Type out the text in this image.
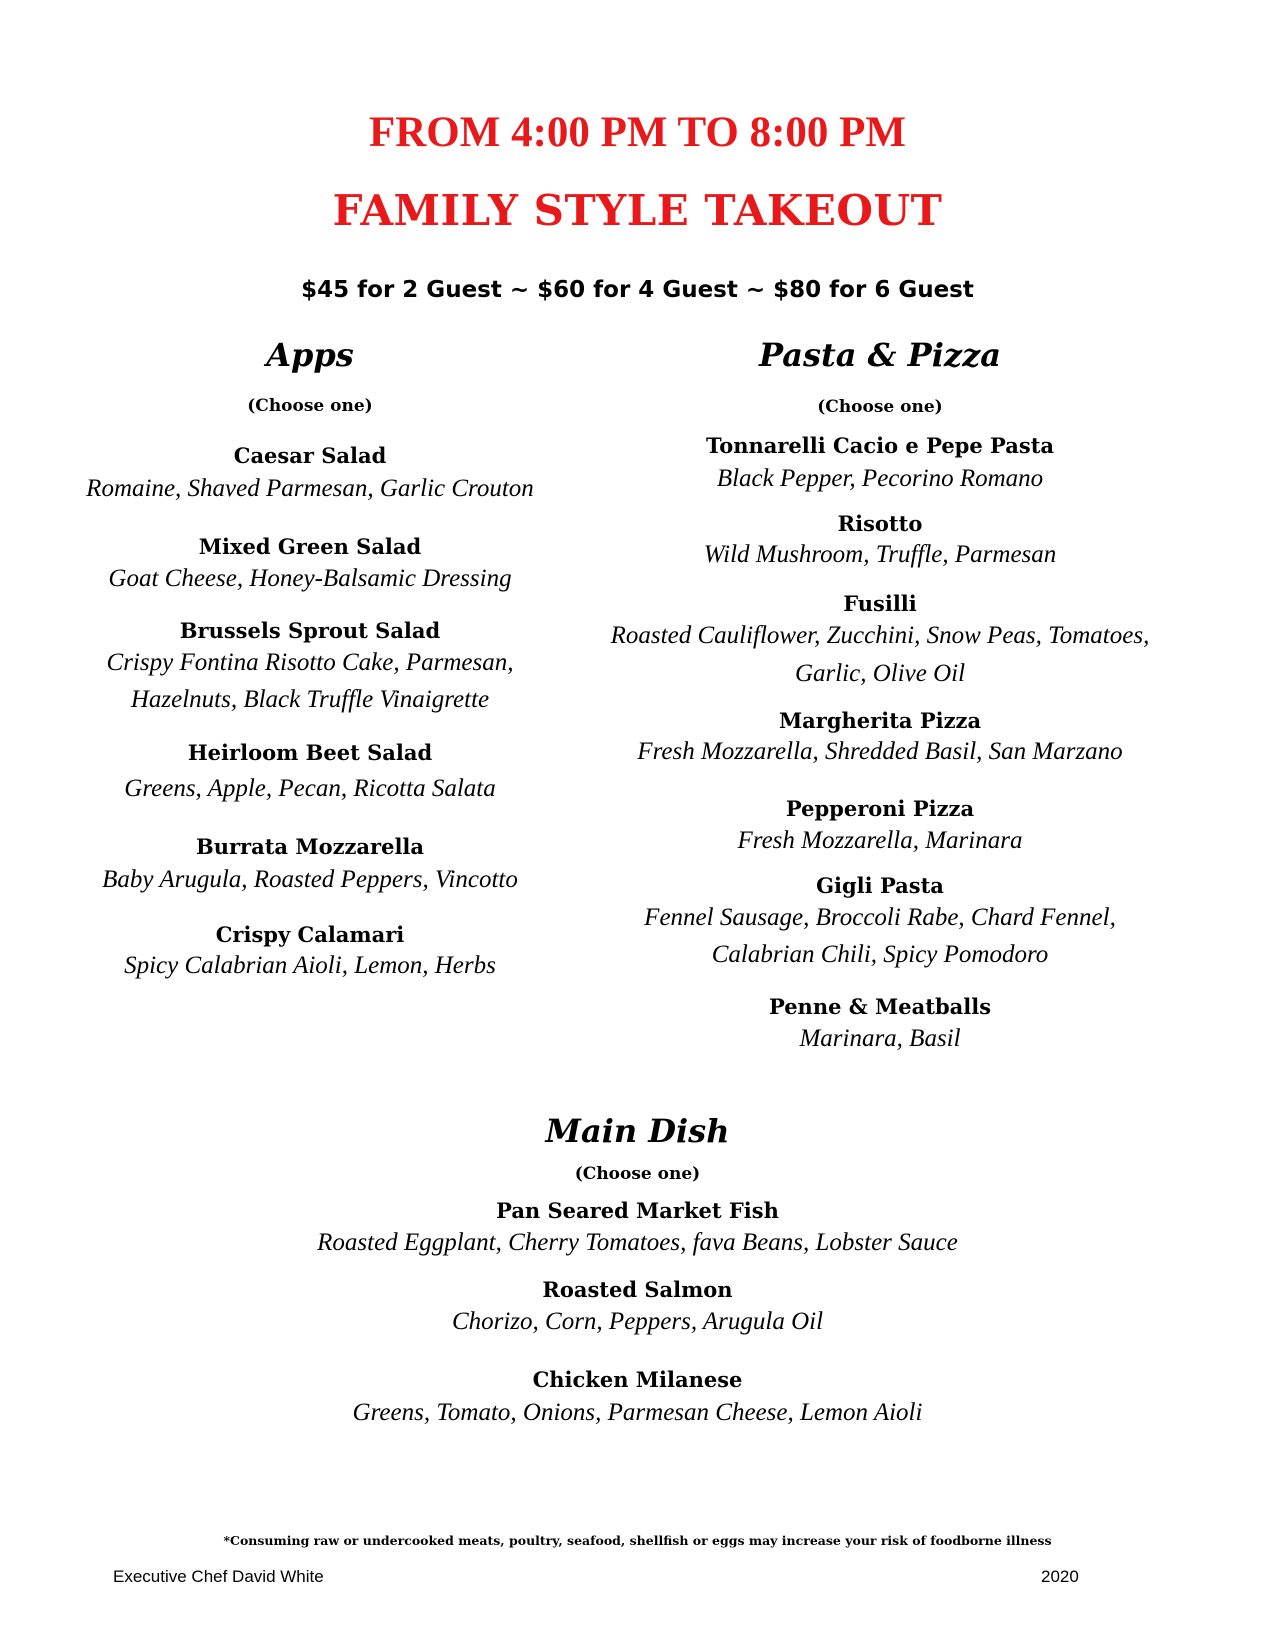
FROM 4:00 PM TO 8:00 PM
FAMILY STYLE TAKEOUT
$45 for 2 Guest ~ $60 for 4 Guest ~ $80 for 6 Guest
Apps
(Choose one)
Caesar Salad
Romaine, Shaved Parmesan, Garlic Crouton
Mixed Green Salad
Goat Cheese, Honey-Balsamic Dressing
Brussels Sprout Salad
Crispy Fontina Risotto Cake, Parmesan,
Hazelnuts, Black Truffle Vinaigrette
Heirloom Beet Salad
Greens, Apple, Pecan, Ricotta Salata
Burrata Mozzarella
Baby Arugula, Roasted Peppers, Vincotto
Crispy Calamari
Spicy Calabrian Aioli, Lemon, Herbs
Pasta & Pizza
(Choose one)
Tonnarelli Cacio e Pepe Pasta
Black Pepper, Pecorino Romano
Risotto
Wild Mushroom, Truffle, Parmesan
Fusilli
Roasted Cauliflower, Zucchini, Snow Peas, Tomatoes,
Garlic, Olive Oil
Margherita Pizza
Fresh Mozzarella, Shredded Basil, San Marzano
Pepperoni Pizza
Fresh Mozzarella, Marinara
Gigli Pasta
Fennel Sausage, Broccoli Rabe, Chard Fennel,
Calabrian Chili, Spicy Pomodoro
Penne & Meatballs
Marinara, Basil
Main Dish
(Choose one)
Pan Seared Market Fish
Roasted Eggplant, Cherry Tomatoes, fava Beans, Lobster Sauce
Roasted Salmon
Chorizo, Corn, Peppers, Arugula Oil
Chicken Milanese
Greens, Tomato, Onions, Parmesan Cheese, Lemon Aioli
*Consuming raw or undercooked meats, poultry, seafood, shellfish or eggs may increase your risk of foodborne illness
Executive Chef David White	2020
